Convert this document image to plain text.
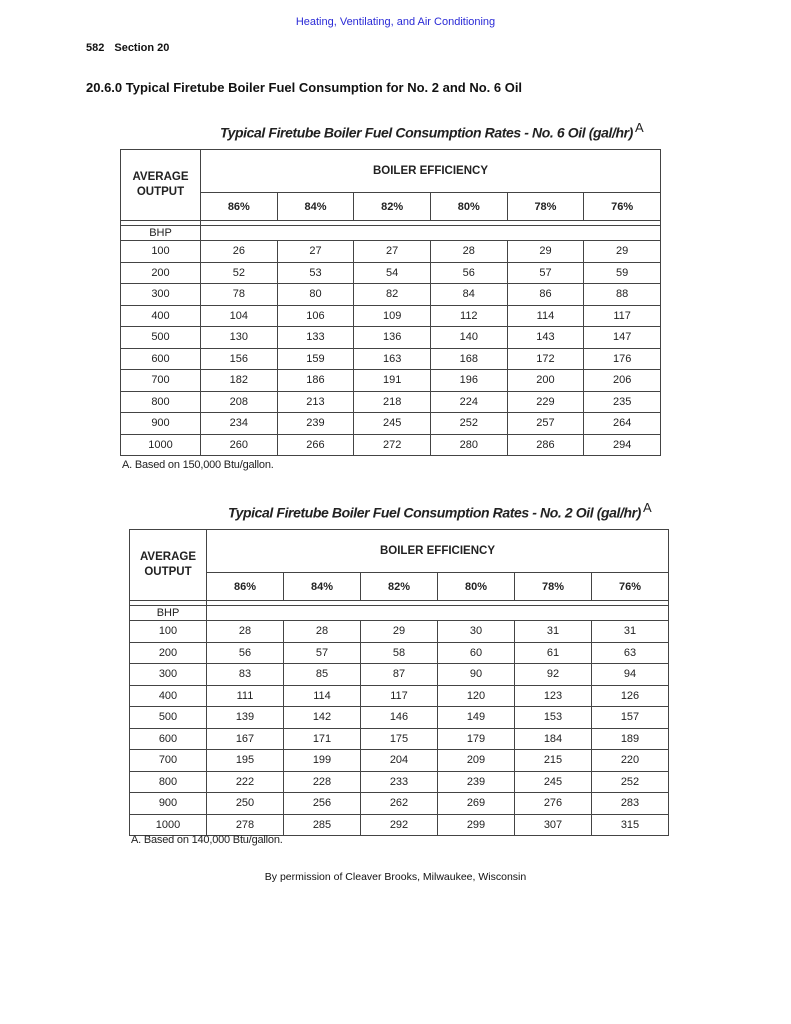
Heating, Ventilating, and Air Conditioning
582 Section 20
20.6.0 Typical Firetube Boiler Fuel Consumption for No. 2 and No. 6 Oil
Typical Firetube Boiler Fuel Consumption Rates - No. 6 Oil (gal/hr) $^A$
AVERAGE
OUTPUT	BOILER EFFICIENCY					
	86%	84%	82%	80%	78%	76%

BHP						
100	26	27	27	28	29	29
200	52	53	54	56	57	59
300	78	80	82	84	86	88
400	104	106	109	112	114	117
500	130	133	136	140	143	147
600	156	159	163	168	172	176
700	182	186	191	196	200	206
800	208	213	218	224	229	235
900	234	239	245	252	257	264
1000	260	266	272	280	286	294
A. Based on 150,000 Btu/gallon.
Typical Firetube Boiler Fuel Consumption Rates - No. 2 Oil (gal/hr) $^A$
AVERAGE
OUTPUT	BOILER EFFICIENCY					
	86%	84%	82%	80%	78%	76%

BHP						
100	28	28	29	30	31	31
200	56	57	58	60	61	63
300	83	85	87	90	92	94
400	111	114	117	120	123	126
500	139	142	146	149	153	157
600	167	171	175	179	184	189
700	195	199	204	209	215	220
800	222	228	233	239	245	252
900	250	256	262	269	276	283
1000	278	285	292	299	307	315
A. Based on 140,000 Btu/gallon.
By permission of Cleaver Brooks, Milwaukee, Wisconsin
